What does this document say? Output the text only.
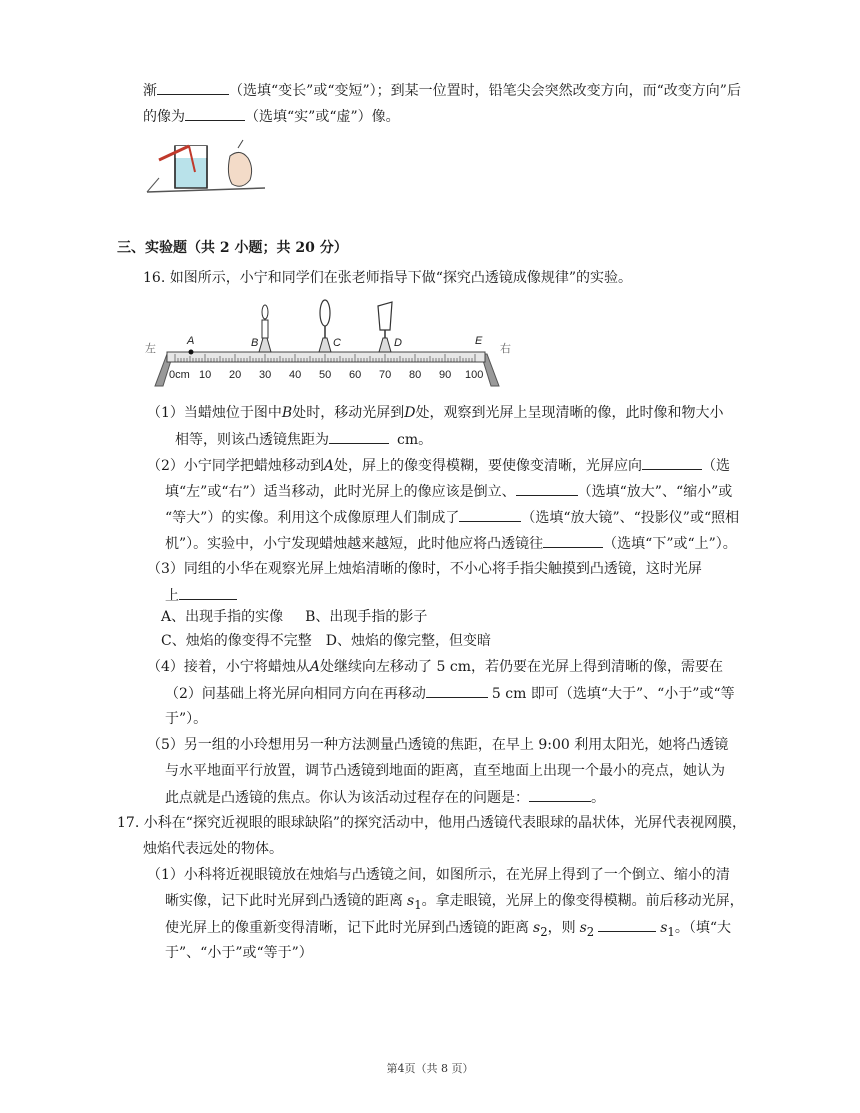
渐	（选填“变长”或“变短”）；到某一位置时，铅笔尖会突然改变方向，而“改变方向”后
的像为	（选填“实”或“虚”）像。
三、实验题（共 2 小题；共 20 分）
16. 如图所示，小宁和同学们在张老师指导下做“探究凸透镜成像规律”的实验。
左	右
0cm 10 20 30 40 50 60 70 80 90 100
A	B	C	D	E
（1）当蜡烛位于图中B处时，移动光屏到D处，观察到光屏上呈现清晰的像，此时像和物大小
相等，则该凸透镜焦距为	cm。
（2）小宁同学把蜡烛移动到A处，屏上的像变得模糊，要使像变清晰，光屏应向	（选
填“左”或“右”）适当移动，此时光屏上的像应该是倒立、	（选填“放大”、“缩小”或
“等大”）的实像。利用这个成像原理人们制成了	（选填“放大镜”、“投影仪”或“照相
机”）。实验中，小宁发现蜡烛越来越短，此时他应将凸透镜往	（选填“下”或“上”）。
（3）同组的小华在观察光屏上烛焰清晰的像时，不小心将手指尖触摸到凸透镜，这时光屏
上
A、出现手指的实像 B、出现手指的影子
C、烛焰的像变得不完整 D、烛焰的像完整，但变暗
（4）接着，小宁将蜡烛从A处继续向左移动了 5 cm，若仍要在光屏上得到清晰的像，需要在
（2）问基础上将光屏向相同方向在再移动	5 cm 即可（选填“大于”、“小于”或“等
于”）。
（5）另一组的小玲想用另一种方法测量凸透镜的焦距，在早上 9:00 利用太阳光，她将凸透镜
与水平地面平行放置，调节凸透镜到地面的距离，直至地面上出现一个最小的亮点，她认为
此点就是凸透镜的焦点。你认为该活动过程存在的问题是：	。
17. 小科在“探究近视眼的眼球缺陷”的探究活动中，他用凸透镜代表眼球的晶状体，光屏代表视网膜，
烛焰代表远处的物体。
（1）小科将近视眼镜放在烛焰与凸透镜之间，如图所示，在光屏上得到了一个倒立、缩小的清
晰实像，记下此时光屏到凸透镜的距离 $s_1$。拿走眼镜，光屏上的像变得模糊。前后移动光屏，
使光屏上的像重新变得清晰，记下此时光屏到凸透镜的距离 $s_2$，则 $s_2$	$s_1$。（填“大
于”、“小于”或“等于”）
第4页（共 8 页）
